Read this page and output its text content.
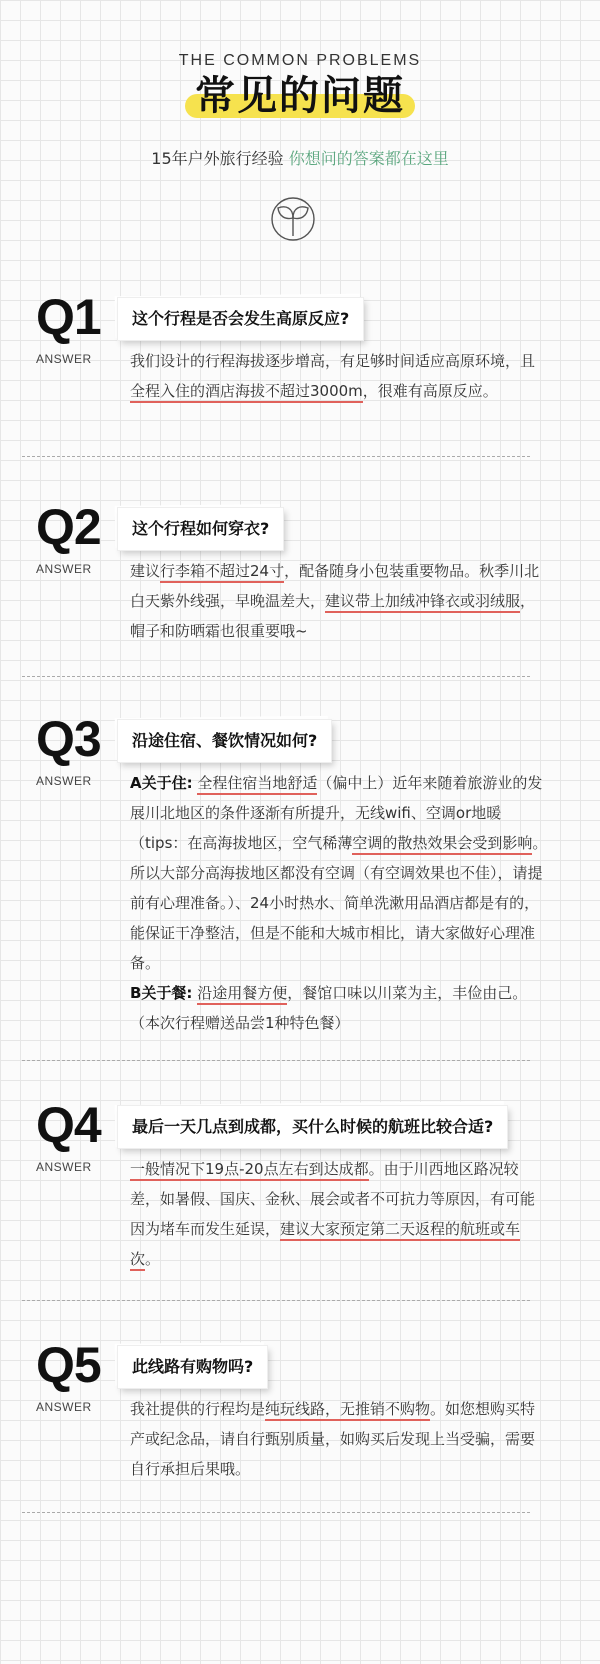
THE COMMON PROBLEMS
常见的问题
15年户外旅行经验 你想问的答案都在这里
Q1	这个行程是否会发生高原反应?
ANSWER	我们设计的行程海拔逐步增高，有足够时间适应高原环境，且全程入住的酒店海拔不超过3000m，很难有高原反应。
Q2	这个行程如何穿衣?
ANSWER	建议行李箱不超过24寸，配备随身小包装重要物品。秋季川北白天紫外线强，早晚温差大，建议带上加绒冲锋衣或羽绒服，帽子和防晒霜也很重要哦~
Q3	沿途住宿、餐饮情况如何?
ANSWER	A关于住: 全程住宿当地舒适（偏中上）近年来随着旅游业的发展川北地区的条件逐渐有所提升，无线wifi、空调or地暖（tips：在高海拔地区，空气稀薄空调的散热效果会受到影响。所以大部分高海拔地区都没有空调（有空调效果也不佳），请提前有心理准备。）、24小时热水、简单洗漱用品酒店都是有的，能保证干净整洁，但是不能和大城市相比，请大家做好心理准备。
B关于餐: 沿途用餐方便，餐馆口味以川菜为主，丰俭由己。（本次行程赠送品尝1种特色餐）
Q4	最后一天几点到成都，买什么时候的航班比较合适?
ANSWER	一般情况下19点-20点左右到达成都。由于川西地区路况较差，如暑假、国庆、金秋、展会或者不可抗力等原因，有可能因为堵车而发生延误，建议大家预定第二天返程的航班或车次。
Q5	此线路有购物吗?
ANSWER	我社提供的行程均是纯玩线路，无推销不购物。如您想购买特产或纪念品，请自行甄别质量，如购买后发现上当受骗，需要自行承担后果哦。
